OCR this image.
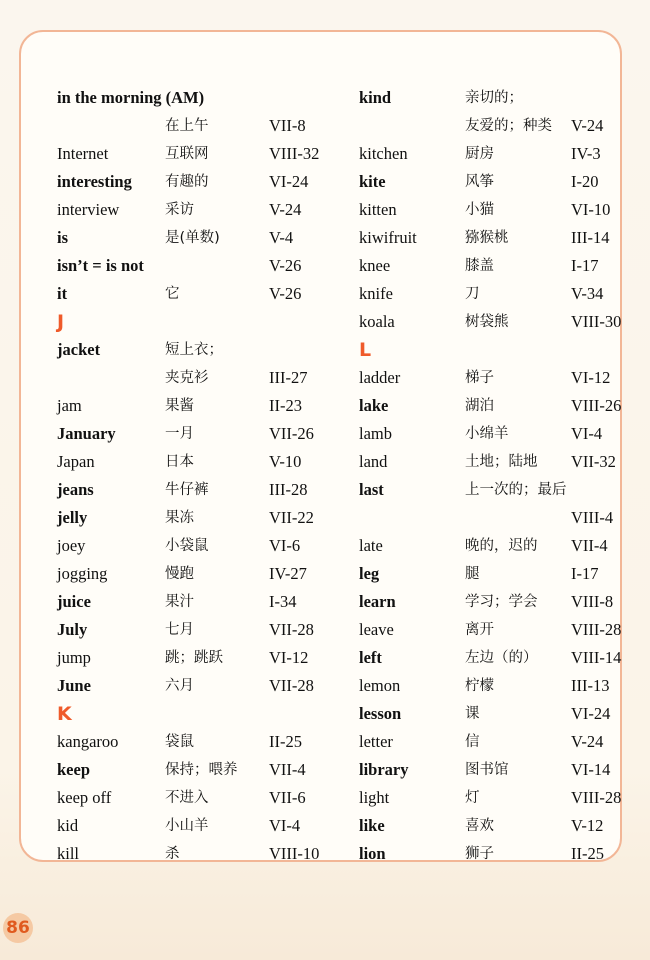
in the morning (AM)
在上午	VII-8
Internet	互联网	VIII-32
interesting 有趣的	VI-24
interview	采访	V-24
is	是(单数)	V-4
isn’t = is not	V-26
it	它	V-26
J
jacket	短上衣；
夹克衫	III-27
jam	果酱	II-23
January	一月	VII-26
Japan	日本	V-10
jeans	牛仔裤	III-28
jelly	果冻	VII-22
joey	小袋鼠	VI-6
jogging	慢跑	IV-27
juice	果汁	I-34
July	七月	VII-28
jump	跳；跳跃	VI-12
June	六月	VII-28
K
kangaroo	袋鼠	II-25
keep	保持；喂养 VII-4
keep off	不进入	VII-6
kid	小山羊	VI-4
kill	杀	VIII-10
kind	亲切的；
友爱的；种类 V-24
kitchen	厨房	IV-3
kite	风筝	I-20
kitten	小猫	VI-10
kiwifruit	猕猴桃	III-14
knee	膝盖	I-17
knife	刀	V-34
koala	树袋熊	VIII-30
L
ladder	梯子	VI-12
lake	湖泊	VIII-26
lamb	小绵羊	VI-4
land	土地；陆地 VII-32
last	上一次的；最后
VIII-4
late	晚的，迟的 VII-4
leg	腿	I-17
learn	学习；学会 VIII-8
leave	离开	VIII-28
left	左边（的） VIII-14
lemon	柠檬	III-13
lesson	课	VI-24
letter	信	V-24
library	图书馆	VI-14
light	灯	VIII-28
like	喜欢	V-12
lion	狮子	II-25
86
